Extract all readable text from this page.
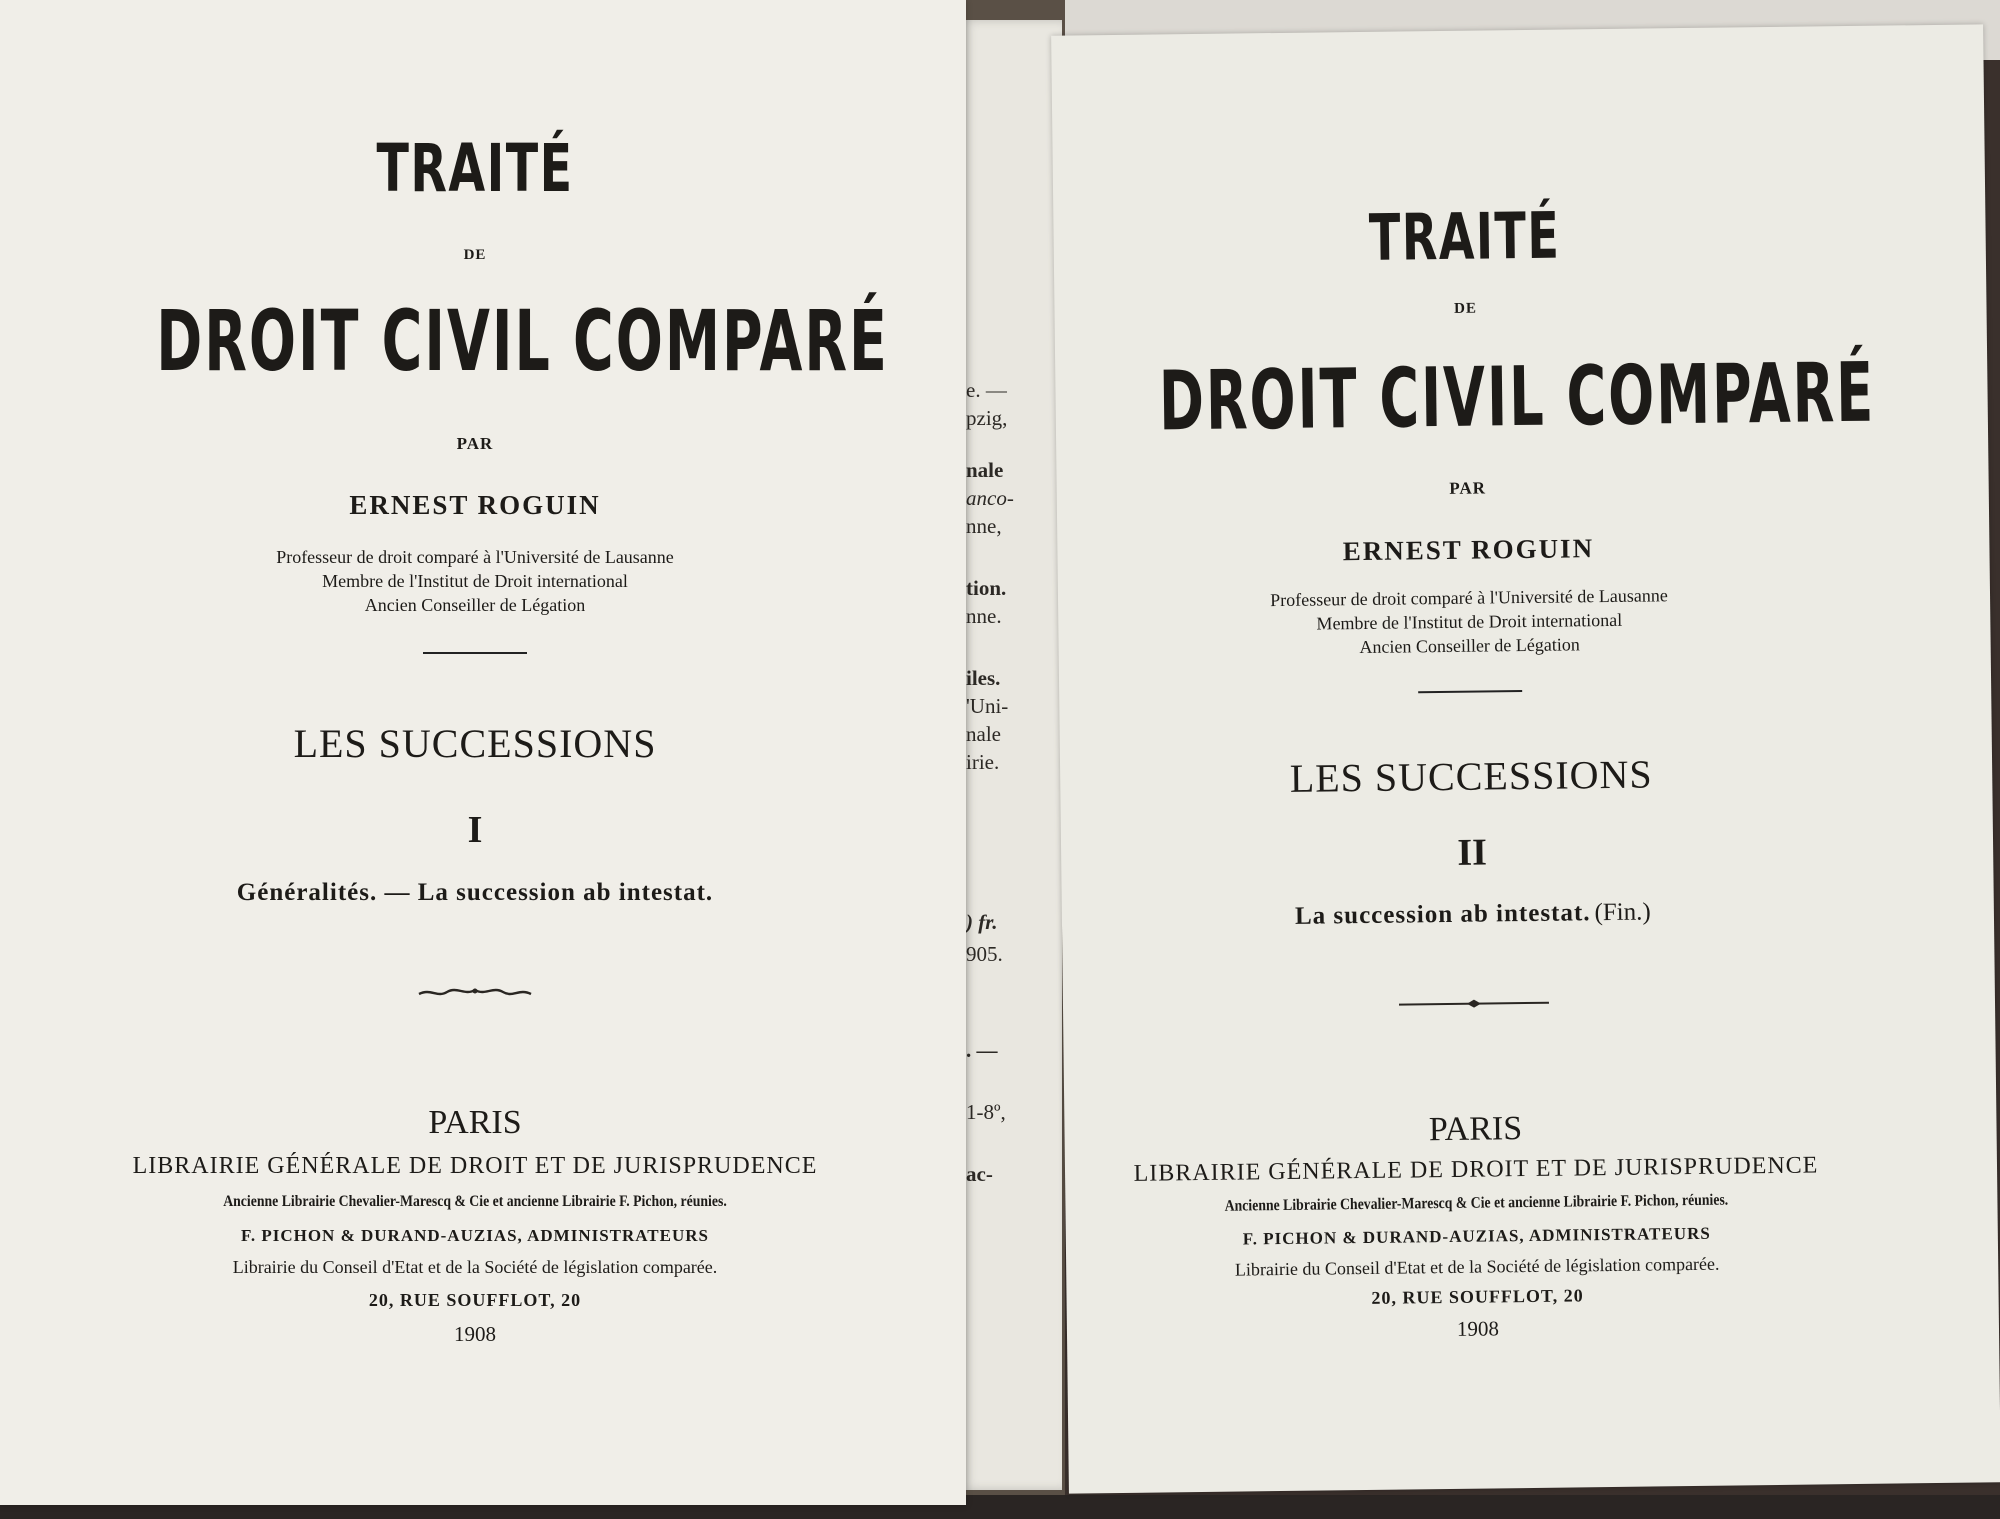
e. —
pzig,
nale
anco-
nne,
tion.
nne.
iles.
'Uni-
nale
irie.
) fr.
905.
. —
1-8º,
ac-
TRAITÉ
DE
DROIT CIVIL COMPARÉ
PAR
ERNEST ROGUIN
Professeur de droit comparé à l'Université de Lausanne
Membre de l'Institut de Droit international
Ancien Conseiller de Légation
LES SUCCESSIONS
I
Généralités. — La succession ab intestat.
PARIS
LIBRAIRIE GÉNÉRALE DE DROIT ET DE JURISPRUDENCE
Ancienne Librairie Chevalier-Marescq & Cie et ancienne Librairie F. Pichon, réunies.
F. PICHON & DURAND-AUZIAS, ADMINISTRATEURS
Librairie du Conseil d'Etat et de la Société de législation comparée.
20, RUE SOUFFLOT, 20
1908
TRAITÉ
DE
DROIT CIVIL COMPARÉ
PAR
ERNEST ROGUIN
Professeur de droit comparé à l'Université de Lausanne
Membre de l'Institut de Droit international
Ancien Conseiller de Légation
LES SUCCESSIONS
II
La succession ab intestat. (Fin.)
PARIS
LIBRAIRIE GÉNÉRALE DE DROIT ET DE JURISPRUDENCE
Ancienne Librairie Chevalier-Marescq & Cie et ancienne Librairie F. Pichon, réunies.
F. PICHON & DURAND-AUZIAS, ADMINISTRATEURS
Librairie du Conseil d'Etat et de la Société de législation comparée.
20, RUE SOUFFLOT, 20
1908
